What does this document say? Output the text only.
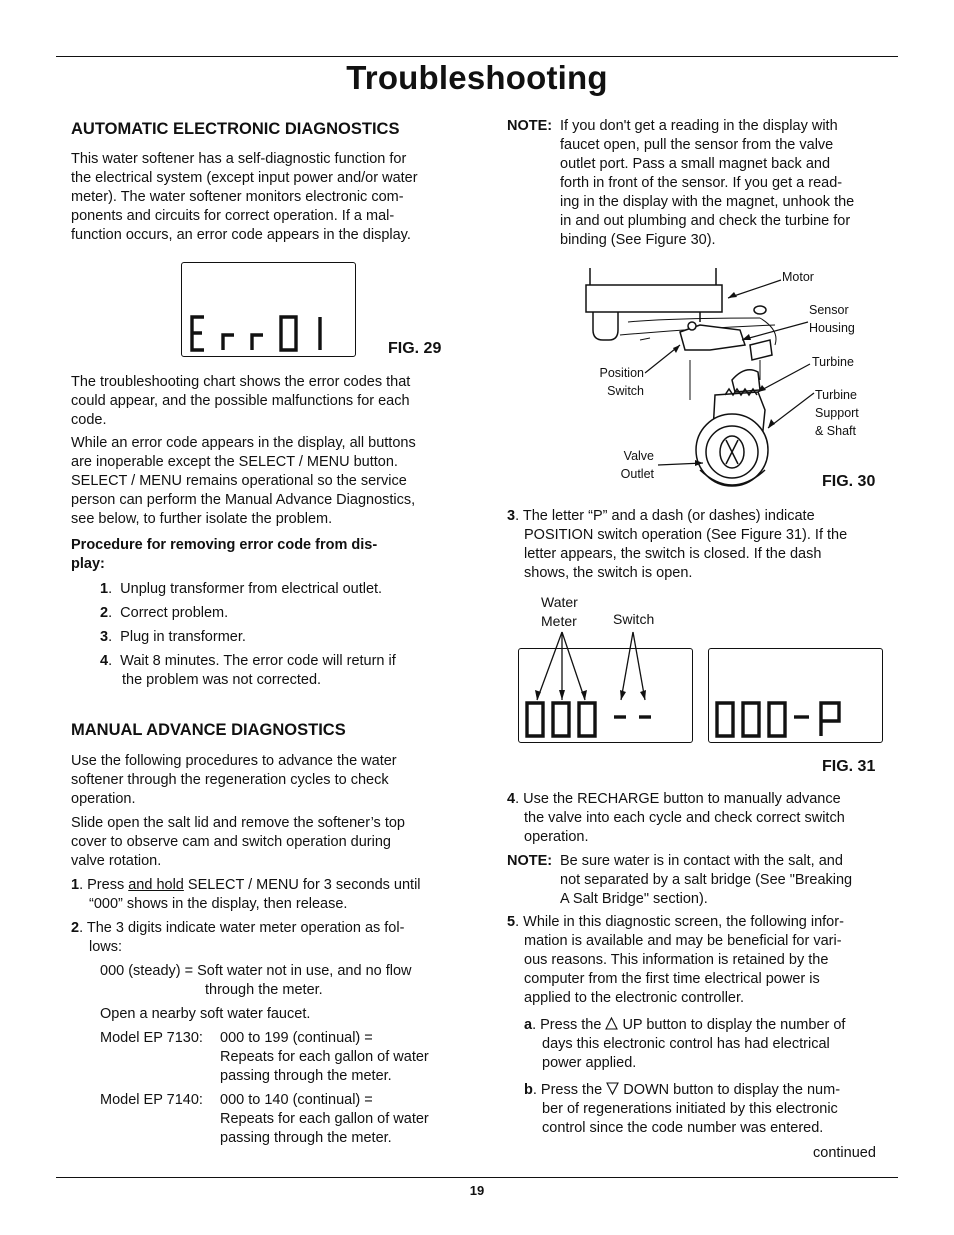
Troubleshooting
AUTOMATIC ELECTRONIC DIAGNOSTICS

This water softener has a self-diagnostic function for

the electrical system (except input power and/or water

meter). The water softener monitors electronic com-

ponents and circuits for correct operation. If a mal-

function occurs, an error code appears in the display.

FIG. 29

The troubleshooting chart shows the error codes that

could appear, and the possible malfunctions for each

code.

While an error code appears in the display, all buttons

are inoperable except the SELECT / MENU button.

SELECT / MENU remains operational so the service

person can perform the Manual Advance Diagnostics,

see below, to further isolate the problem.

Procedure for removing error code from dis-

play:

1.  Unplug transformer from electrical outlet.
2.  Correct problem.
3.  Plug in transformer.
4.  Wait 8 minutes. The error code will return if
the problem was not corrected.
MANUAL ADVANCE DIAGNOSTICS

Use the following procedures to advance the water

softener through the regeneration cycles to check

operation.

Slide open the salt lid and remove the softener’s top

cover to observe cam and switch operation during

valve rotation.

1. Press and hold SELECT / MENU for 3 seconds until

“000” shows in the display, then release.

2. The 3 digits indicate water meter operation as fol-

lows:

000 (steady) = Soft water not in use, and no flow

through the meter.

Open a nearby soft water faucet.
Model EP 7130: 000 to 199 (continual) =

Repeats for each gallon of water

passing through the meter.

Model EP 7140: 000 to 140 (continual) =

Repeats for each gallon of water

passing through the meter.

NOTE: If you don't get a reading in the display with

faucet open, pull the sensor from the valve

outlet port. Pass a small magnet back and

forth in front of the sensor. If you get a read-

ing in the display with the magnet, unhook the

in and out plumbing and check the turbine for

binding (See Figure 30).

Motor

Sensor

Housing

Turbine

Turbine

Support

& Shaft

Position

Switch

Valve

Outlet	FIG. 30

3. The letter “P” and a dash (or dashes) indicate

POSITION switch operation (See Figure 31). If the

letter appears, the switch is closed. If the dash

shows, the switch is open.

Water

Meter	Switch
FIG. 31

4. Use the RECHARGE button to manually advance

the valve into each cycle and check correct switch

operation.

NOTE: Be sure water is in contact with the salt, and

not separated by a salt bridge (See "Breaking

A Salt Bridge" section).

5. While in this diagnostic screen, the following infor-

mation is available and may be beneficial for vari-

ous reasons. This information is retained by the

computer from the first time electrical power is

applied to the electronic controller.

a. Press the  UP button to display the number of

days this electronic control has had electrical

power applied.

b. Press the  DOWN button to display the num-

ber of regenerations initiated by this electronic

control since the code number was entered.

continued
19
